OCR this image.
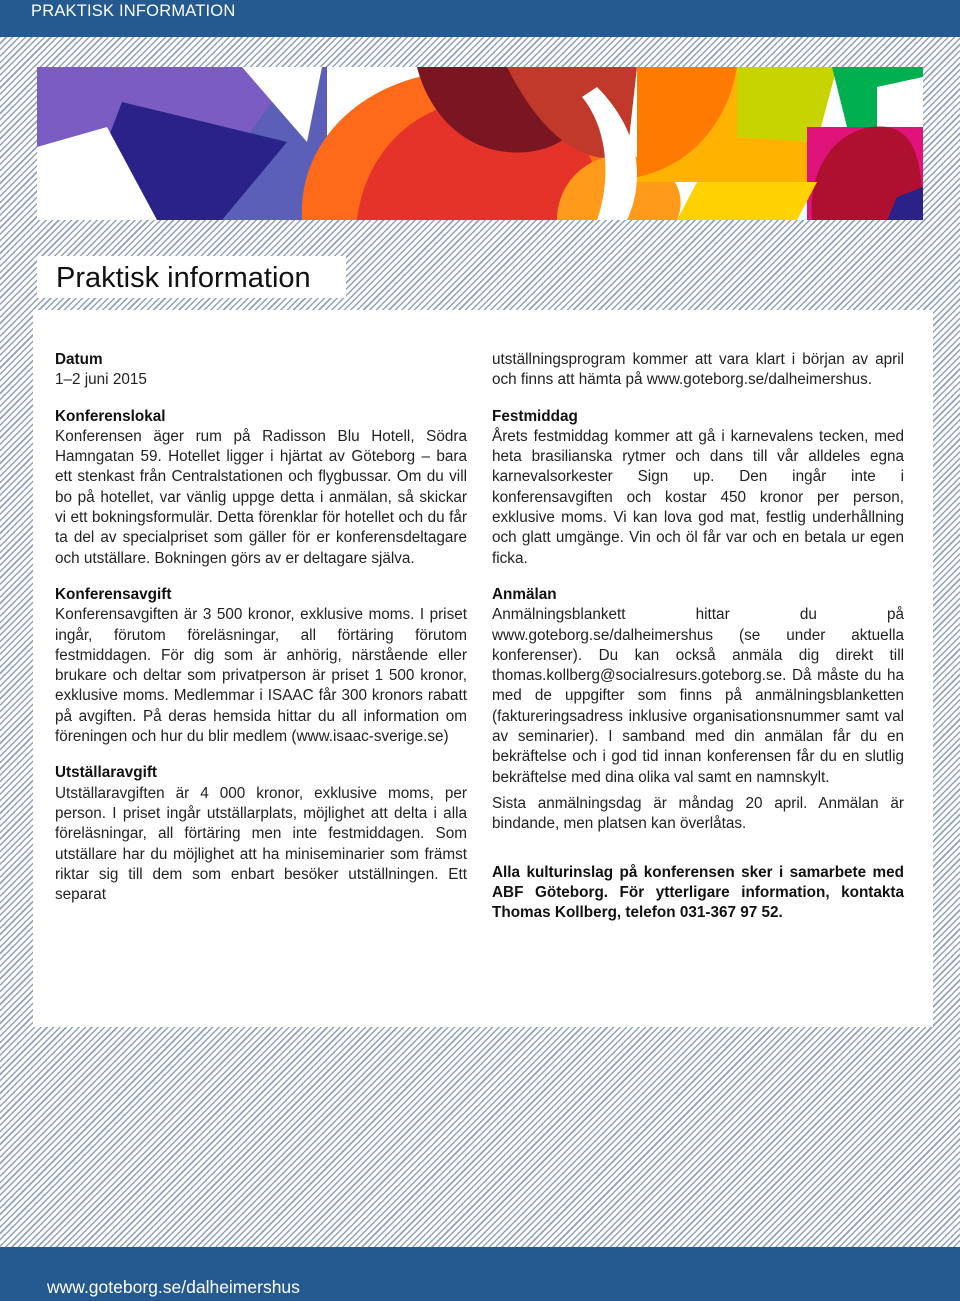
PRAKTISK INFORMATION
Praktisk information
Datum

1–2 juni 2015

Konferenslokal

Konferensen äger rum på Radisson Blu Hotell, Södra Hamngatan 59. Hotellet ligger i hjärtat av Göteborg – bara ett stenkast från Centralstationen och flygbussar. Om du vill bo på hotellet, var vänlig uppge detta i anmälan, så skickar vi ett bokningsformulär. Detta förenklar för hotellet och du får ta del av specialpriset som gäller för er konferensdeltagare och utställare. Bokningen görs av er deltagare själva.

Konferensavgift

Konferensavgiften är 3 500 kronor, exklusive moms. I priset ingår, förutom föreläsningar, all förtäring förutom festmiddagen. För dig som är anhörig, närstående eller brukare och deltar som privatperson är priset 1 500 kronor, exklusive moms. Medlemmar i ISAAC får 300 kronors rabatt på avgiften. På deras hemsida hittar du all information om föreningen och hur du blir medlem (www.isaac-sverige.se)

Utställaravgift

Utställaravgiften är 4 000 kronor, exklusive moms, per person. I priset ingår utställarplats, möjlighet att delta i alla föreläsningar, all förtäring men inte festmiddagen. Som utställare har du möjlighet att ha miniseminarier som främst riktar sig till dem som enbart besöker utställningen. Ett separat

utställningsprogram kommer att vara klart i början av april och finns att hämta på www.goteborg.se/dalheimershus.

Festmiddag

Årets festmiddag kommer att gå i karnevalens tecken, med heta brasilianska rytmer och dans till vår alldeles egna karnevalsorkester Sign up. Den ingår inte i konferensavgiften och kostar 450 kronor per person, exklusive moms. Vi kan lova god mat, festlig underhållning och glatt umgänge. Vin och öl får var och en betala ur egen ficka.

Anmälan

Anmälningsblankett hittar du på www.goteborg.se/dalheimershus (se under aktuella konferenser). Du kan också anmäla dig direkt till thomas.kollberg@socialresurs.goteborg.se. Då måste du ha med de uppgifter som finns på anmälningsblanketten (faktureringsadress inklusive organisationsnummer samt val av seminarier). I samband med din anmälan får du en bekräftelse och i god tid innan konferensen får du en slutlig bekräftelse med dina olika val samt en namnskylt.

Sista anmälningsdag är måndag 20 april. Anmälan är bindande, men platsen kan överlåtas.

Alla kulturinslag på konferensen sker i samarbete med ABF Göteborg. För ytterligare information, kontakta Thomas Kollberg, telefon 031-367 97 52.

www.goteborg.se/dalheimershus
